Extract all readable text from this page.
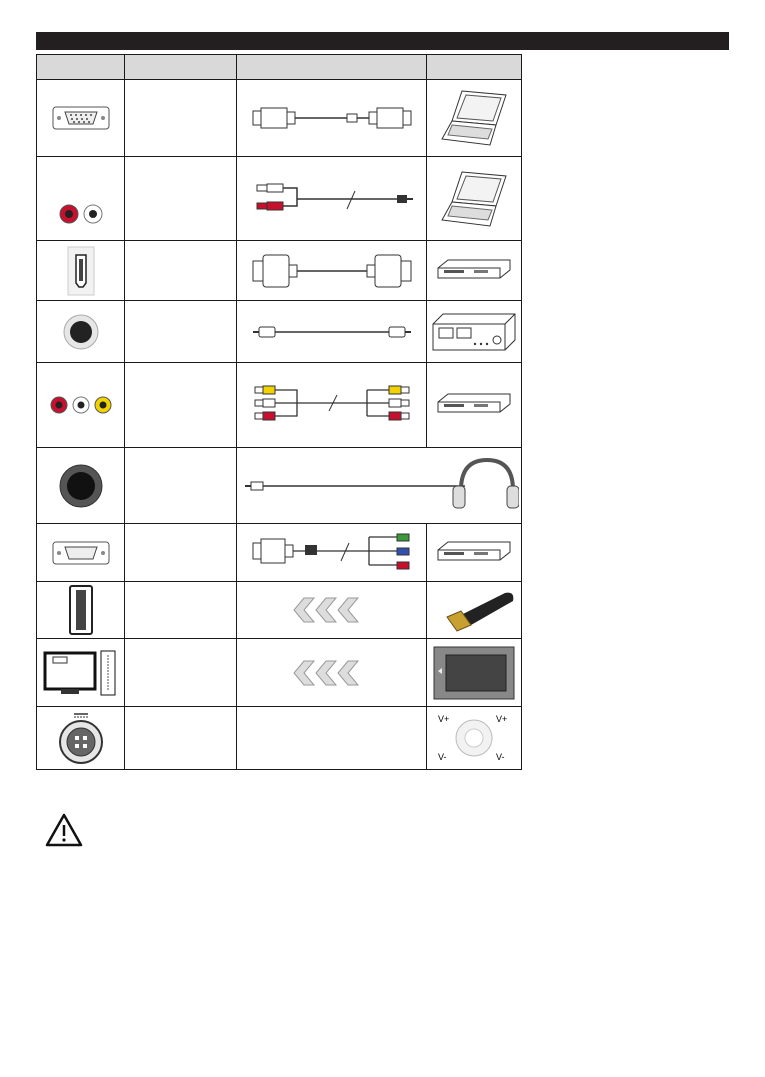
V+ V+
V- V-
